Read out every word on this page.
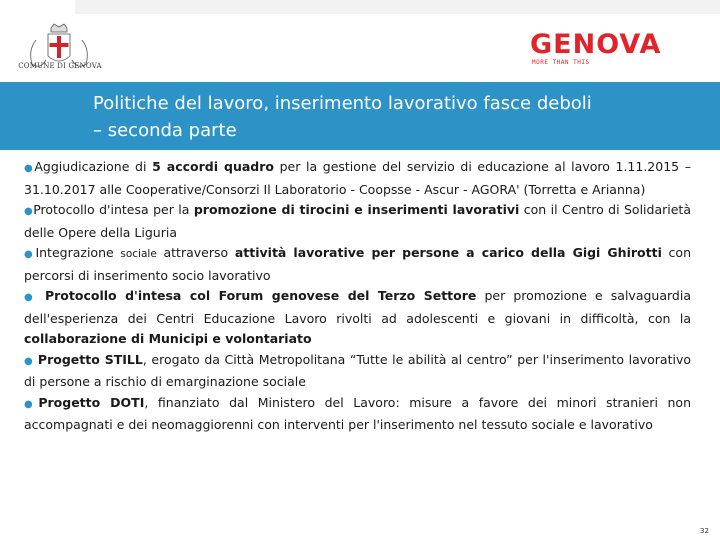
COMUNE DI GENOVA
GENOVA
MORE THAN THIS
Politiche del lavoro, inserimento lavorativo fasce deboli
– seconda parte

●Aggiudicazione di 5 accordi quadro per la gestione del servizio di educazione al lavoro 1.11.2015 – 31.10.2017 alle Cooperative/Consorzi Il Laboratorio - Coopsse - Ascur - AGORA' (Torretta e Arianna)

●Protocollo d'intesa per la promozione di tirocini e inserimenti lavorativi con il Centro di Solidarietà delle Opere della Liguria

●Integrazione sociale attraverso attività lavorative per persone a carico della Gigi Ghirotti con percorsi di inserimento socio lavorativo

● Protocollo d'intesa col Forum genovese del Terzo Settore per promozione e salvaguardia dell'esperienza dei Centri Educazione Lavoro rivolti ad adolescenti e giovani in difficoltà, con la collaborazione di Municipi e volontariato

● Progetto STILL, erogato da Città Metropolitana “Tutte le abilità al centro” per l'inserimento lavorativo di persone a rischio di emarginazione sociale

●Progetto DOTI, finanziato dal Ministero del Lavoro: misure a favore dei minori stranieri non accompagnati e dei neomaggiorenni con interventi per l'inserimento nel tessuto sociale e lavorativo

32
